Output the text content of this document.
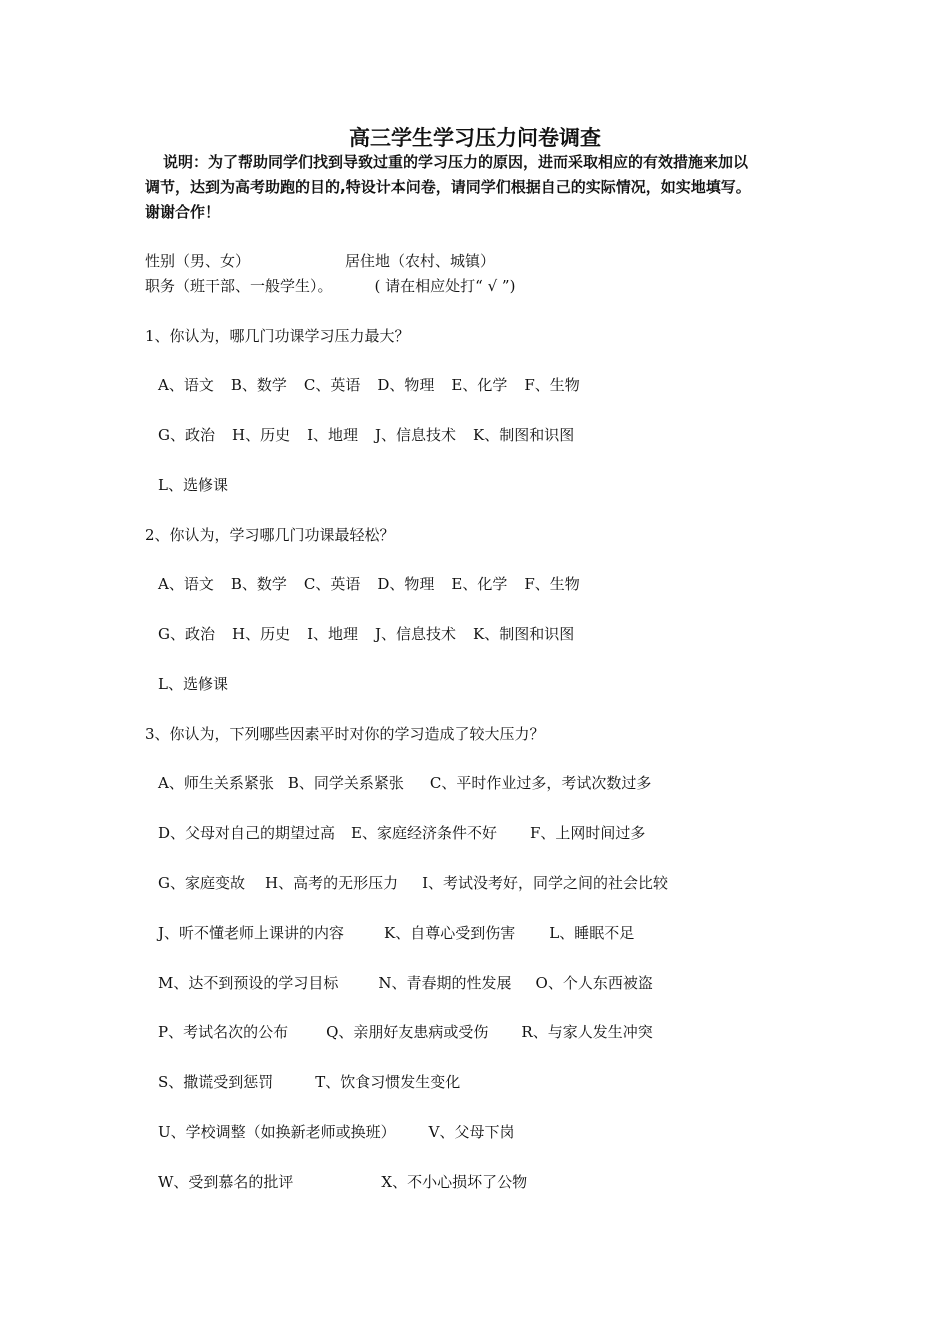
高三学生学习压力问卷调查
说明：为了帮助同学们找到导致过重的学习压力的原因，进而采取相应的有效措施来加以
调节，达到为高考助跑的目的,特设计本问卷，请同学们根据自己的实际情况，如实地填写。
谢谢合作！
性别（男、女）	居住地（农村、城镇）
职务（班干部、一般学生）。	( 请在相应处打“ √ ”)
1、你认为，哪几门功课学习压力最大？
A、语文 B、数学 C、英语 D、物理 E、化学 F、生物
G、政治 H、历史 I、地理 J、信息技术 K、制图和识图
L、选修课
2、你认为，学习哪几门功课最轻松？
A、语文 B、数学 C、英语 D、物理 E、化学 F、生物
G、政治 H、历史 I、地理 J、信息技术 K、制图和识图
L、选修课
3、你认为，下列哪些因素平时对你的学习造成了较大压力？
A、师生关系紧张 B、同学关系紧张 C、平时作业过多，考试次数过多
D、父母对自己的期望过高 E、家庭经济条件不好 F、上网时间过多
G、家庭变故 H、高考的无形压力 I、考试没考好，同学之间的社会比较
J、听不懂老师上课讲的内容	K、自尊心受到伤害 L、睡眠不足
M、达不到预设的学习目标	N、青春期的性发展 O、个人东西被盗
P、考试名次的公布	Q、亲朋好友患病或受伤 R、与家人发生冲突
S、撒谎受到惩罚	T、饮食习惯发生变化
U、学校调整（如换新老师或换班） V、父母下岗
W、受到慕名的批评	X、不小心损坏了公物
